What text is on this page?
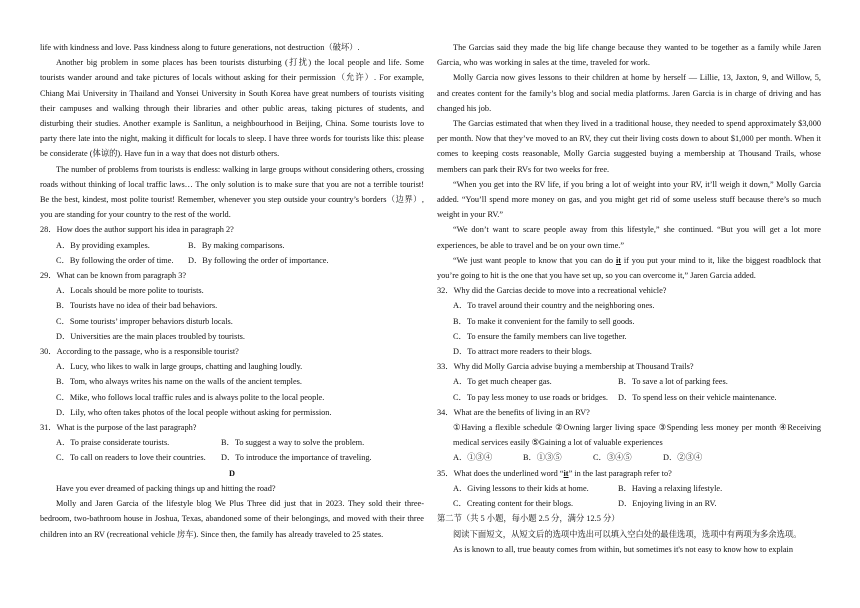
life with kindness and love. Pass kindness along to future generations, not destruction（破坏）.

Another big problem in some places has been tourists disturbing (打扰) the local people and life. Some tourists wander around and take pictures of locals without asking for their permission（允许）. For example, Chiang Mai University in Thailand and Yonsei University in South Korea have great numbers of tourists visiting their campuses and walking through their libraries and other public areas, taking pictures of students, and disturbing their studies. Another example is Sanlitun, a neighbourhood in Beijing, China. Some tourists love to party there late into the night, making it difficult for locals to sleep. I have three words for tourists like this: please be considerate (体谅的). Have fun in a way that does not disturb others.

The number of problems from tourists is endless: walking in large groups without considering others, crossing roads without thinking of local traffic laws… The only solution is to make sure that you are not a terrible tourist! Be the best, kindest, most polite tourist! Remember, whenever you step outside your country’s borders（边界）, you are standing for your country to the rest of the world.

28．How does the author support his idea in paragraph 2?

A．By providing examples.	B．By making comparisons.
C．By following the order of time.	D．By following the order of importance.

29．What can be known from paragraph 3?

A．Locals should be more polite to tourists.

B．Tourists have no idea of their bad behaviors.

C．Some tourists’ improper behaviors disturb locals.

D．Universities are the main places troubled by tourists.

30．According to the passage, who is a responsible tourist?

A．Lucy, who likes to walk in large groups, chatting and laughing loudly.

B．Tom, who always writes his name on the walls of the ancient temples.

C．Mike, who follows local traffic rules and is always polite to the local people.

D．Lily, who often takes photos of the local people without asking for permission.

31．What is the purpose of the last paragraph?

A．To praise considerate tourists.	B．To suggest a way to solve the problem.
C．To call on readers to love their countries.	D．To introduce the importance of traveling.

D

Have you ever dreamed of packing things up and hitting the road?

Molly and Jaren Garcia of the lifestyle blog We Plus Three did just that in 2023. They sold their three-bedroom, two-bathroom house in Joshua, Texas, abandoned some of their belongings, and moved with their three children into an RV (recreational vehicle 房车). Since then, the family has already traveled to 25 states.

The Garcias said they made the big life change because they wanted to be together as a family while Jaren Garcia, who was working in sales at the time, traveled for work.

Molly Garcia now gives lessons to their children at home by herself — Lillie, 13, Jaxton, 9, and Willow, 5, and creates content for the family’s blog and social media platforms. Jaren Garcia is in charge of driving and has changed his job.

The Garcias estimated that when they lived in a traditional house, they needed to spend approximately $3,000 per month. Now that they’ve moved to an RV, they cut their living costs down to about $1,000 per month. When it comes to keeping costs reasonable, Molly Garcia suggested buying a membership at Thousand Trails, whose members can park their RVs for two weeks for free.

“When you get into the RV life, if you bring a lot of weight into your RV, it’ll weigh it down,” Molly Garcia added. “You’ll spend more money on gas, and you might get rid of some useless stuff because there’s so much weight in your RV.”

“We don’t want to scare people away from this lifestyle,” she continued. “But you will get a lot more experiences, be able to travel and be on your own time.”

“We just want people to know that you can do it if you put your mind to it, like the biggest roadblock that you’re going to hit is the one that you have set up, so you can overcome it,” Jaren Garcia added.

32．Why did the Garcias decide to move into a recreational vehicle?

A．To travel around their country and the neighboring ones.

B．To make it convenient for the family to sell goods.

C．To ensure the family members can live together.

D．To attract more readers to their blogs.

33．Why did Molly Garcia advise buying a membership at Thousand Trails?

A．To get much cheaper gas.	B．To save a lot of parking fees.
C．To pay less money to use roads or bridges.	D．To spend less on their vehicle maintenance.

34．What are the benefits of living in an RV?

①Having a flexible schedule ②Owning larger living space ③Spending less money per month ④Receiving medical services easily ⑤Gaining a lot of valuable experiences

A．①③④	B．①③⑤	C．③④⑤	D．②③④

35．What does the underlined word “it” in the last paragraph refer to?

A．Giving lessons to their kids at home.	B．Having a relaxing lifestyle.
C．Creating content for their blogs.	D．Enjoying living in an RV.

第二节（共 5 小题，每小题 2.5 分，满分 12.5 分）

阅读下面短文，从短文后的选项中选出可以填入空白处的最佳选项，选项中有两项为多余选项。

As is known to all, true beauty comes from within, but sometimes it's not easy to know how to explain
